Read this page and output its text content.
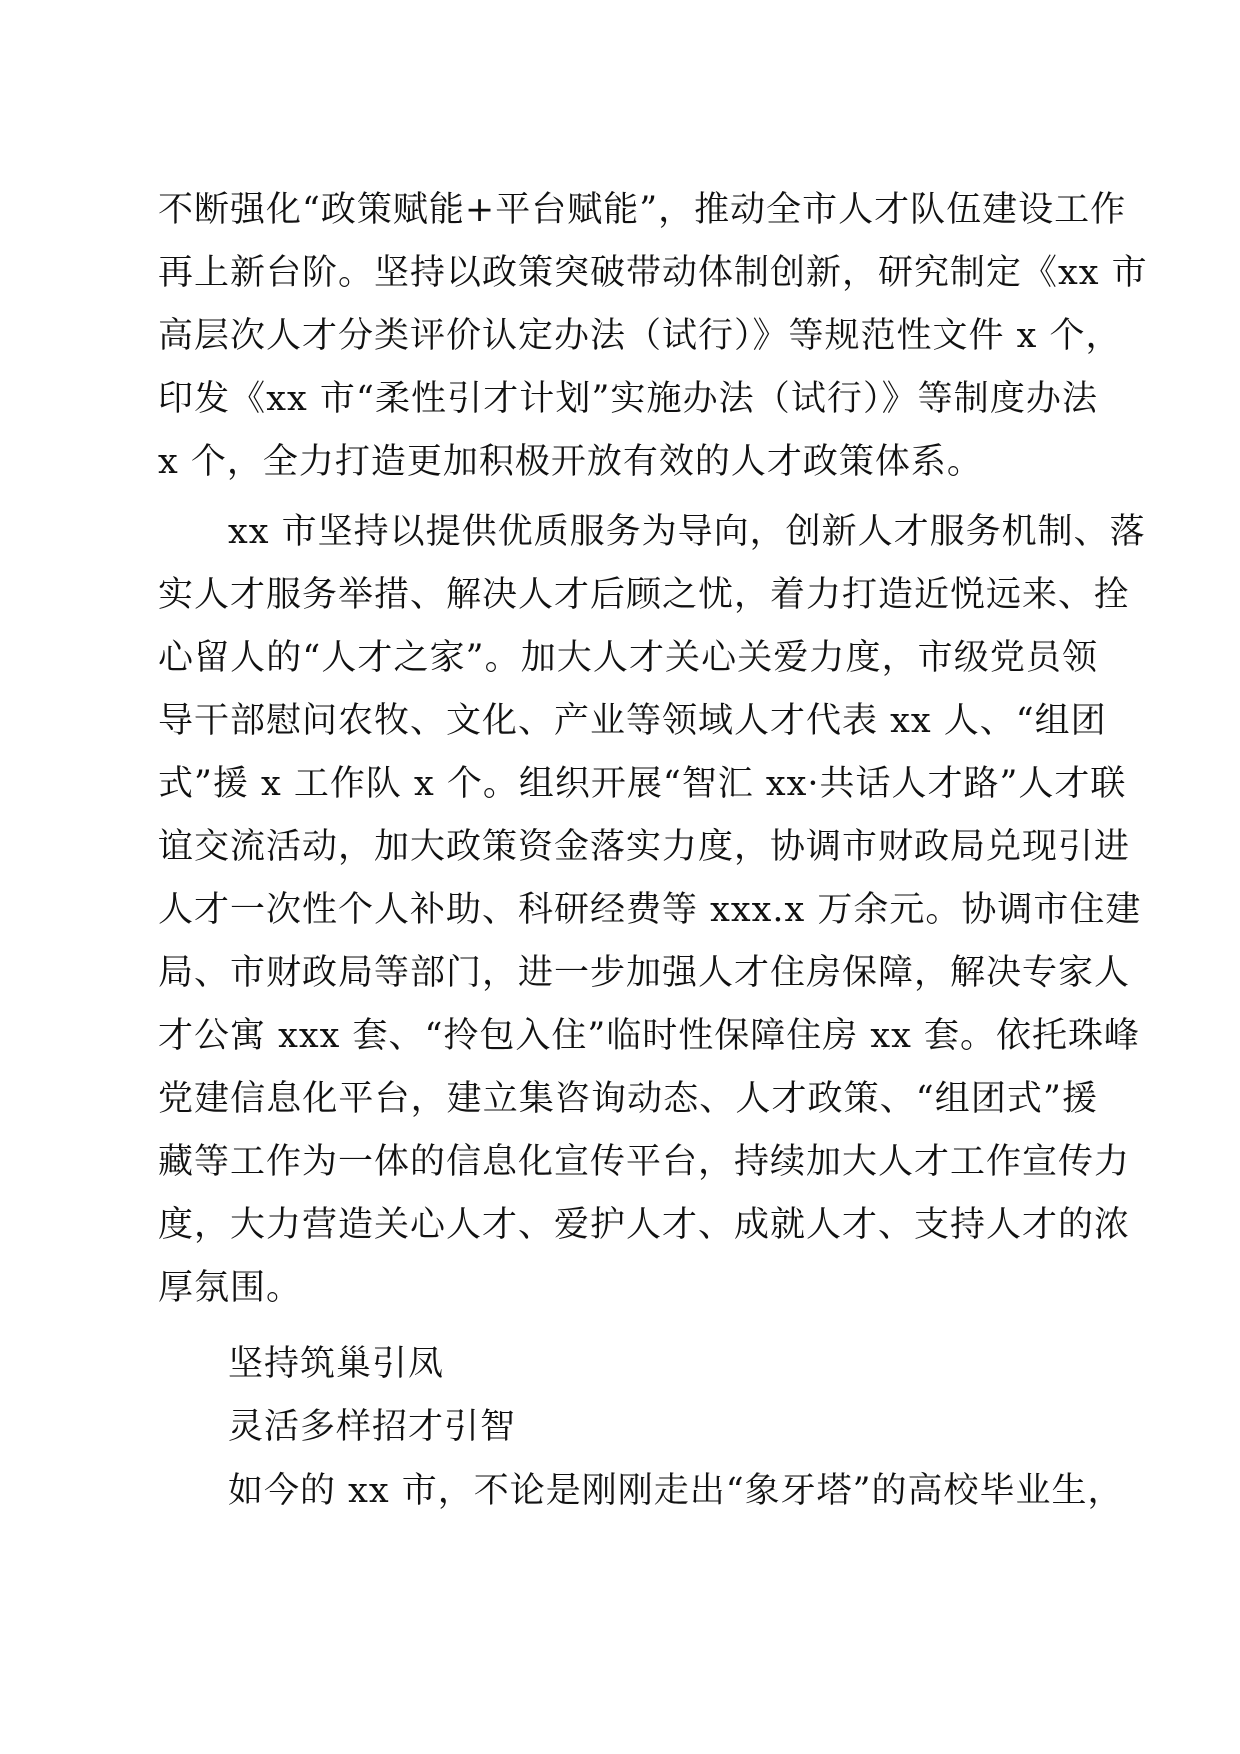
不断强化“政策赋能+平台赋能”，推动全市人才队伍建设工作
再上新台阶。坚持以政策突破带动体制创新，研究制定《xx 市
高层次人才分类评价认定办法（试行）》等规范性文件 x 个，
印发《xx 市“柔性引才计划”实施办法（试行）》等制度办法
x 个，全力打造更加积极开放有效的人才政策体系。
xx 市坚持以提供优质服务为导向，创新人才服务机制、落
实人才服务举措、解决人才后顾之忧，着力打造近悦远来、拴
心留人的“人才之家”。加大人才关心关爱力度，市级党员领
导干部慰问农牧、文化、产业等领域人才代表 xx 人、“组团
式”援 x 工作队 x 个。组织开展“智汇 xx·共话人才路”人才联
谊交流活动，加大政策资金落实力度，协调市财政局兑现引进
人才一次性个人补助、科研经费等 xxx.x 万余元。协调市住建
局、市财政局等部门，进一步加强人才住房保障，解决专家人
才公寓 xxx 套、“拎包入住”临时性保障住房 xx 套。依托珠峰
党建信息化平台，建立集咨询动态、人才政策、“组团式”援
藏等工作为一体的信息化宣传平台，持续加大人才工作宣传力
度，大力营造关心人才、爱护人才、成就人才、支持人才的浓
厚氛围。
坚持筑巢引凤
灵活多样招才引智
如今的 xx 市，不论是刚刚走出“象牙塔”的高校毕业生，
